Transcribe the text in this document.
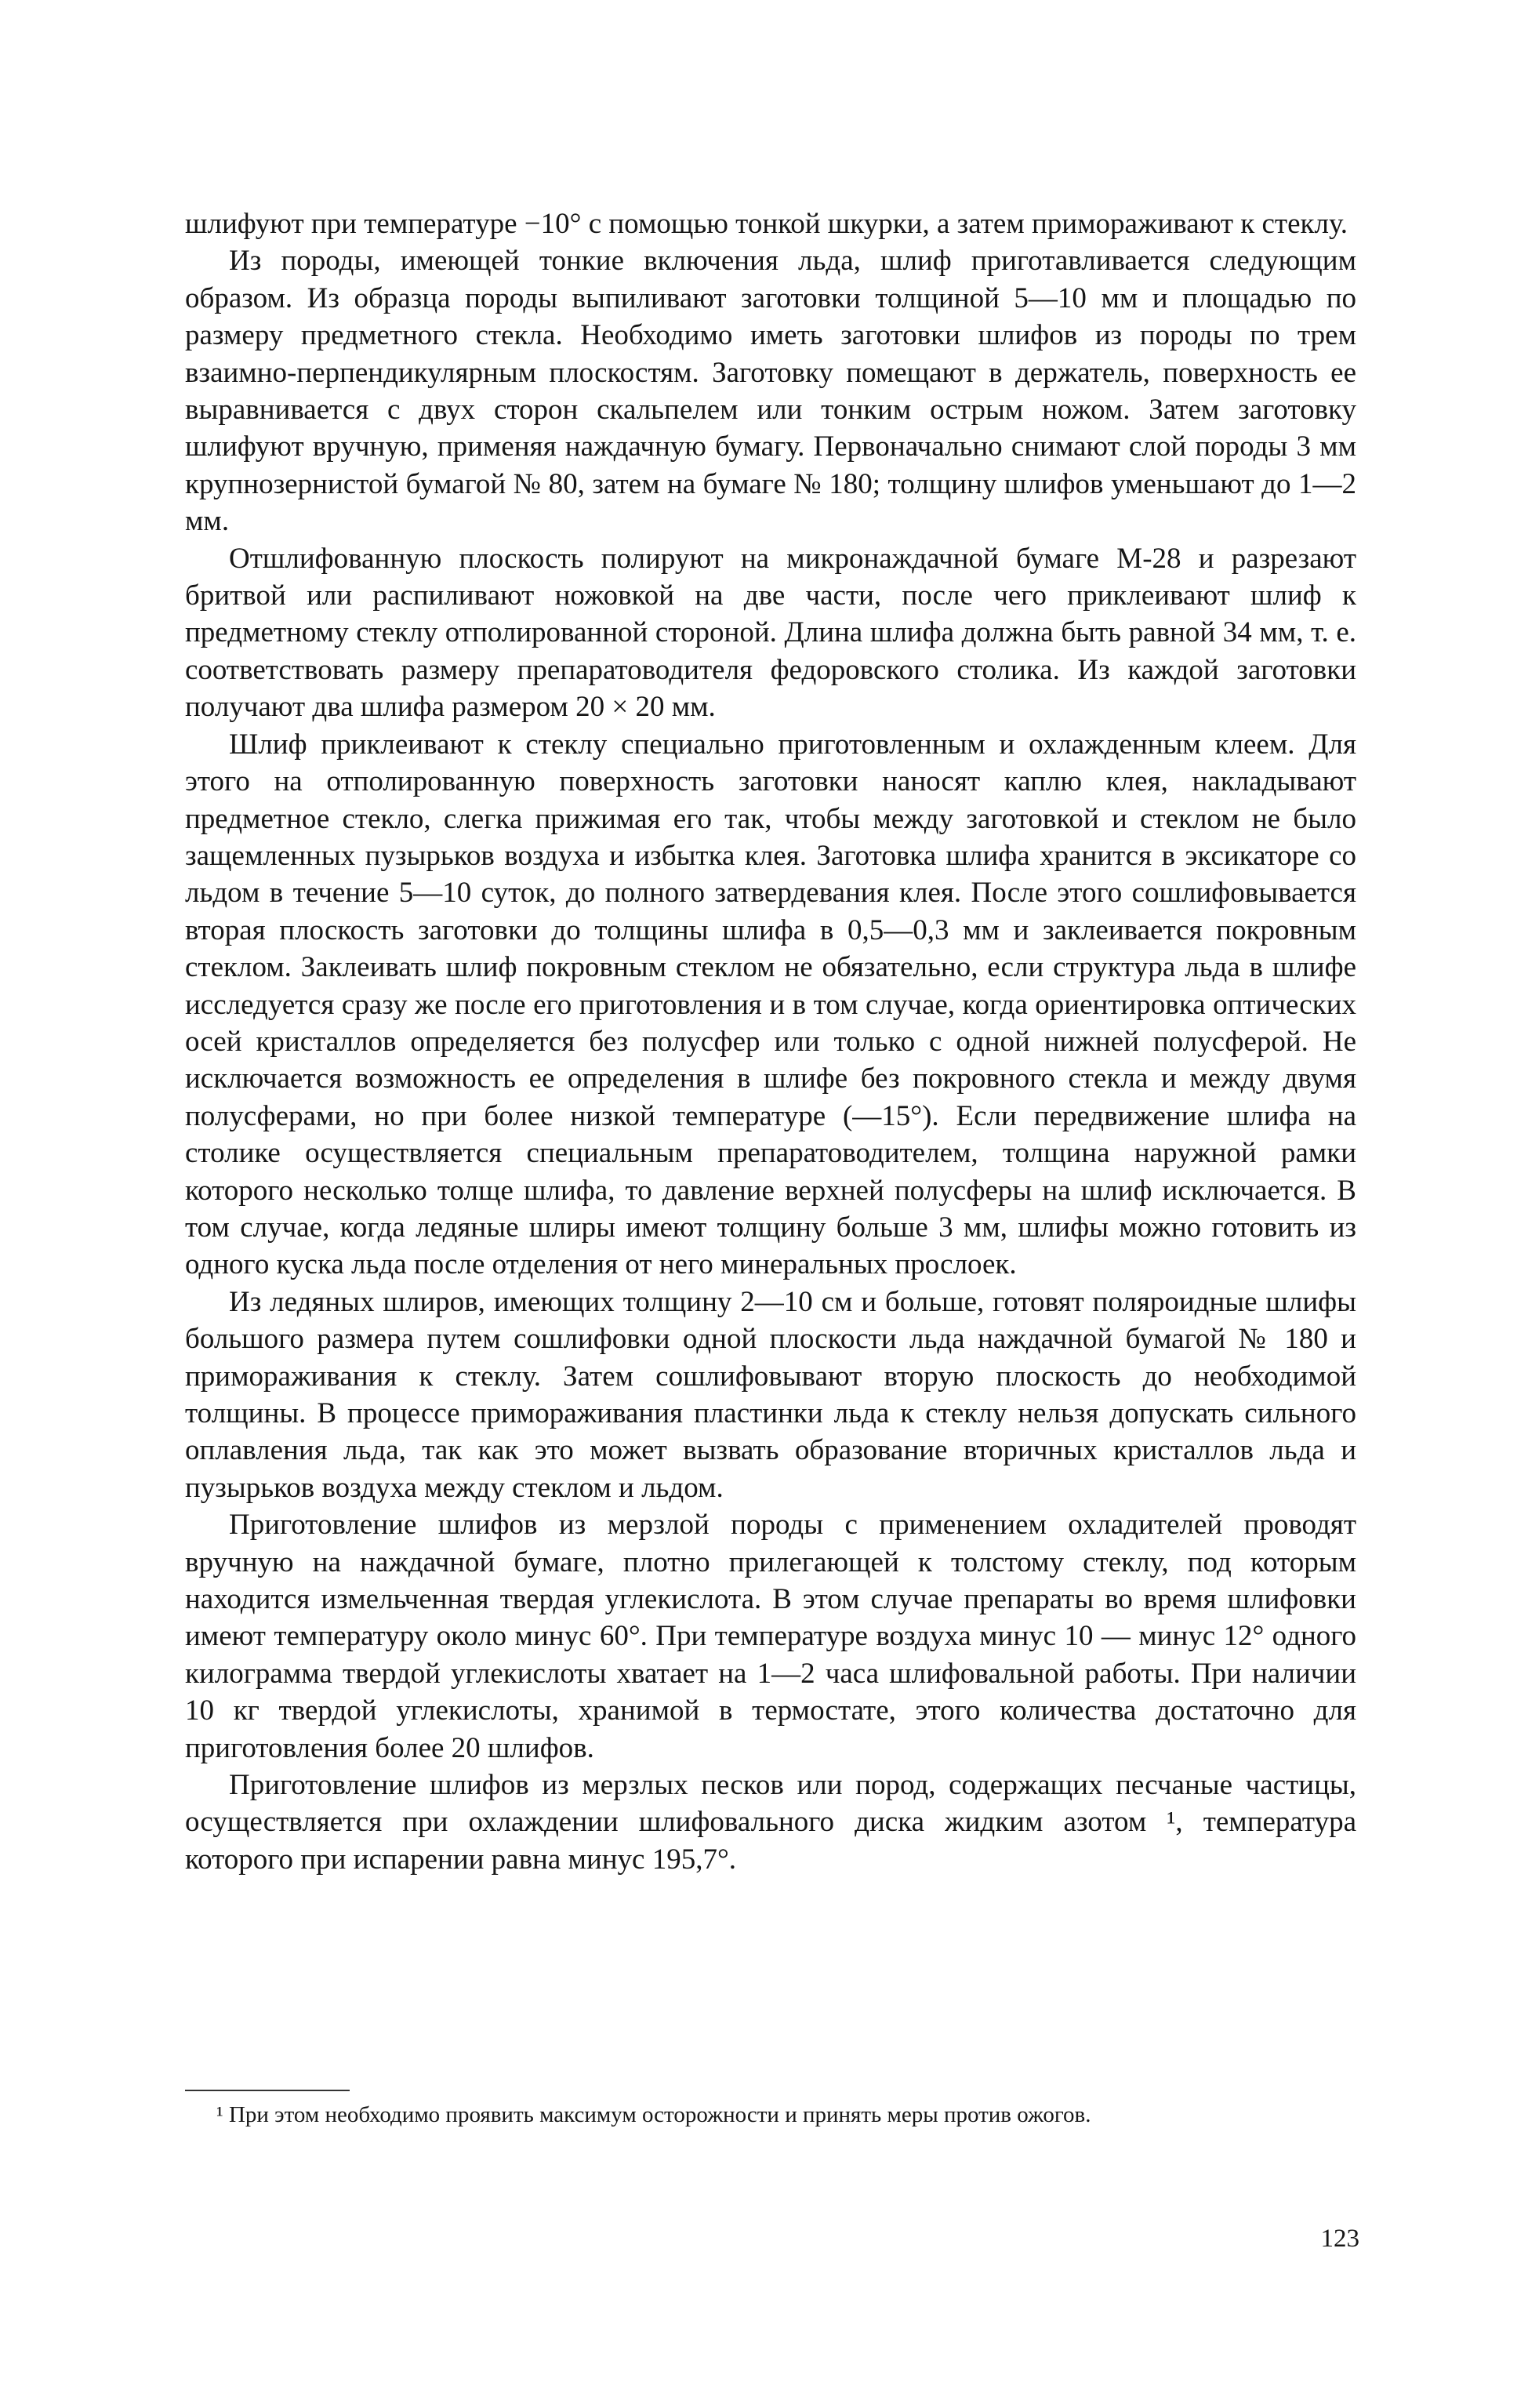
шлифуют при температуре −10° с помощью тонкой шкурки, а затем примораживают к стеклу.

Из породы, имеющей тонкие включения льда, шлиф приготавливается следующим образом. Из образца породы выпиливают заготовки толщиной 5—10 мм и площадью по размеру предметного стекла. Необходимо иметь заготовки шлифов из породы по трем взаимно-перпендикулярным плоскостям. Заготовку помещают в держатель, поверхность ее выравнивается с двух сторон скальпелем или тонким острым ножом. Затем заготовку шлифуют вручную, применяя наждачную бумагу. Первоначально снимают слой породы 3 мм крупнозернистой бумагой № 80, затем на бумаге № 180; толщину шлифов уменьшают до 1—2 мм.

Отшлифованную плоскость полируют на микронаждачной бумаге М-28 и разрезают бритвой или распиливают ножовкой на две части, после чего приклеивают шлиф к предметному стеклу отполированной стороной. Длина шлифа должна быть равной 34 мм, т. е. соответствовать размеру препаратоводителя федоровского столика. Из каждой заготовки получают два шлифа размером 20 × 20 мм.

Шлиф приклеивают к стеклу специально приготовленным и охлажденным клеем. Для этого на отполированную поверхность заготовки наносят каплю клея, накладывают предметное стекло, слегка прижимая его так, чтобы между заготовкой и стеклом не было защемленных пузырьков воздуха и избытка клея. Заготовка шлифа хранится в эксикаторе со льдом в течение 5—10 суток, до полного затвердевания клея. После этого сошлифовывается вторая плоскость заготовки до толщины шлифа в 0,5—0,3 мм и заклеивается покровным стеклом. Заклеивать шлиф покровным стеклом не обязательно, если структура льда в шлифе исследуется сразу же после его приготовления и в том случае, когда ориентировка оптических осей кристаллов определяется без полусфер или только с одной нижней полусферой. Не исключается возможность ее определения в шлифе без покровного стекла и между двумя полусферами, но при более низкой температуре (—15°). Если передвижение шлифа на столике осуществляется специальным препаратоводителем, толщина наружной рамки которого несколько толще шлифа, то давление верхней полусферы на шлиф исключается. В том случае, когда ледяные шлиры имеют толщину больше 3 мм, шлифы можно готовить из одного куска льда после отделения от него минеральных прослоек.

Из ледяных шлиров, имеющих толщину 2—10 см и больше, готовят поляроидные шлифы большого размера путем сошлифовки одной плоскости льда наждачной бумагой № 180 и примораживания к стеклу. Затем сошлифовывают вторую плоскость до необходимой толщины. В процессе примораживания пластинки льда к стеклу нельзя допускать сильного оплавления льда, так как это может вызвать образование вторичных кристаллов льда и пузырьков воздуха между стеклом и льдом.

Приготовление шлифов из мерзлой породы с применением охладителей проводят вручную на наждачной бумаге, плотно прилегающей к толстому стеклу, под которым находится измельченная твердая углекислота. В этом случае препараты во время шлифовки имеют температуру около минус 60°. При температуре воздуха минус 10 — минус 12° одного килограмма твердой углекислоты хватает на 1—2 часа шлифовальной работы. При наличии 10 кг твердой углекислоты, хранимой в термостате, этого количества достаточно для приготовления более 20 шлифов.

Приготовление шлифов из мерзлых песков или пород, содержащих песчаные частицы, осуществляется при охлаждении шлифовального диска жидким азотом ¹, температура которого при испарении равна минус 195,7°.

¹ При этом необходимо проявить максимум осторожности и принять меры против ожогов.
123
